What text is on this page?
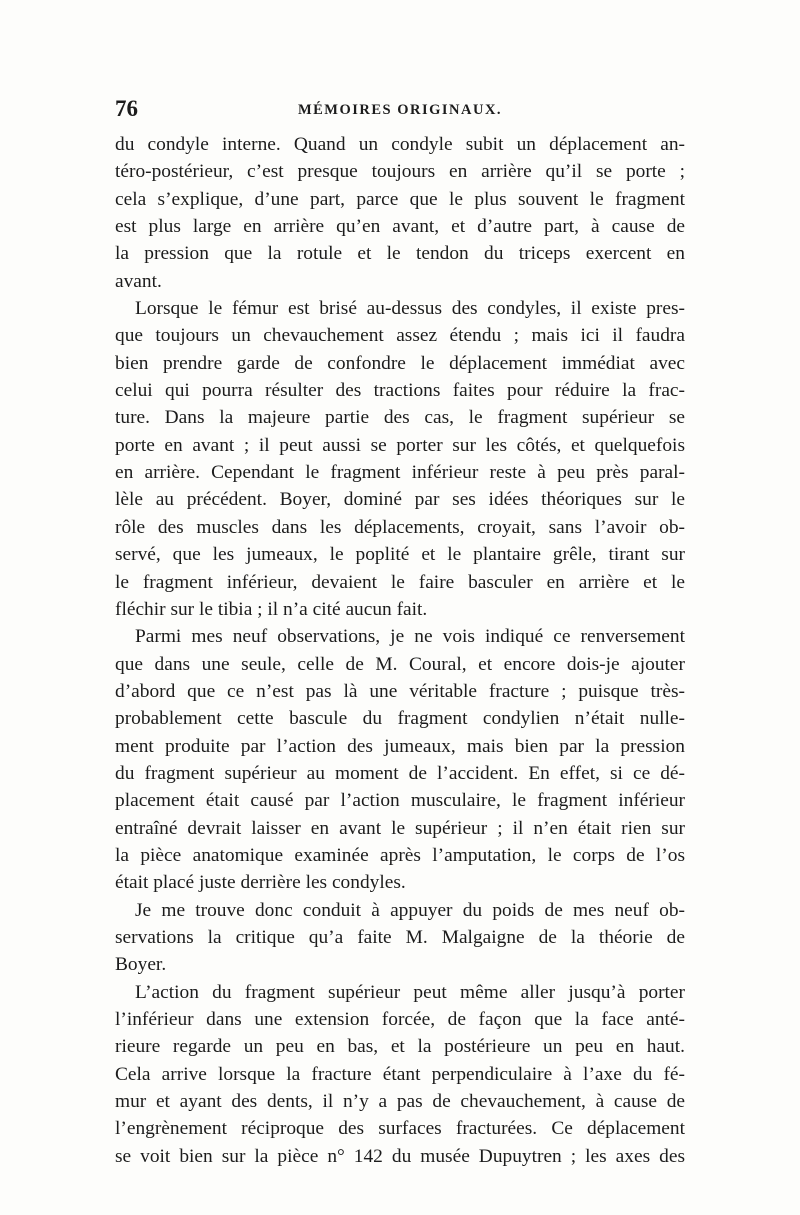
76	MÉMOIRES ORIGINAUX.
du condyle interne. Quand un condyle subit un déplacement an-
téro-postérieur, c’est presque toujours en arrière qu’il se porte ;
cela s’explique, d’une part, parce que le plus souvent le fragment
est plus large en arrière qu’en avant, et d’autre part, à cause de
la pression que la rotule et le tendon du triceps exercent en
avant.
Lorsque le fémur est brisé au-dessus des condyles, il existe pres-
que toujours un chevauchement assez étendu ; mais ici il faudra
bien prendre garde de confondre le déplacement immédiat avec
celui qui pourra résulter des tractions faites pour réduire la frac-
ture. Dans la majeure partie des cas, le fragment supérieur se
porte en avant ; il peut aussi se porter sur les côtés, et quelquefois
en arrière. Cependant le fragment inférieur reste à peu près paral-
lèle au précédent. Boyer, dominé par ses idées théoriques sur le
rôle des muscles dans les déplacements, croyait, sans l’avoir ob-
servé, que les jumeaux, le poplité et le plantaire grêle, tirant sur
le fragment inférieur, devaient le faire basculer en arrière et le
fléchir sur le tibia ; il n’a cité aucun fait.
Parmi mes neuf observations, je ne vois indiqué ce renversement
que dans une seule, celle de M. Coural, et encore dois-je ajouter
d’abord que ce n’est pas là une véritable fracture ; puisque très-
probablement cette bascule du fragment condylien n’était nulle-
ment produite par l’action des jumeaux, mais bien par la pression
du fragment supérieur au moment de l’accident. En effet, si ce dé-
placement était causé par l’action musculaire, le fragment inférieur
entraîné devrait laisser en avant le supérieur ; il n’en était rien sur
la pièce anatomique examinée après l’amputation, le corps de l’os
était placé juste derrière les condyles.
Je me trouve donc conduit à appuyer du poids de mes neuf ob-
servations la critique qu’a faite M. Malgaigne de la théorie de
Boyer.
L’action du fragment supérieur peut même aller jusqu’à porter
l’inférieur dans une extension forcée, de façon que la face anté-
rieure regarde un peu en bas, et la postérieure un peu en haut.
Cela arrive lorsque la fracture étant perpendiculaire à l’axe du fé-
mur et ayant des dents, il n’y a pas de chevauchement, à cause de
l’engrènement réciproque des surfaces fracturées. Ce déplacement
se voit bien sur la pièce n° 142 du musée Dupuytren ; les axes des
